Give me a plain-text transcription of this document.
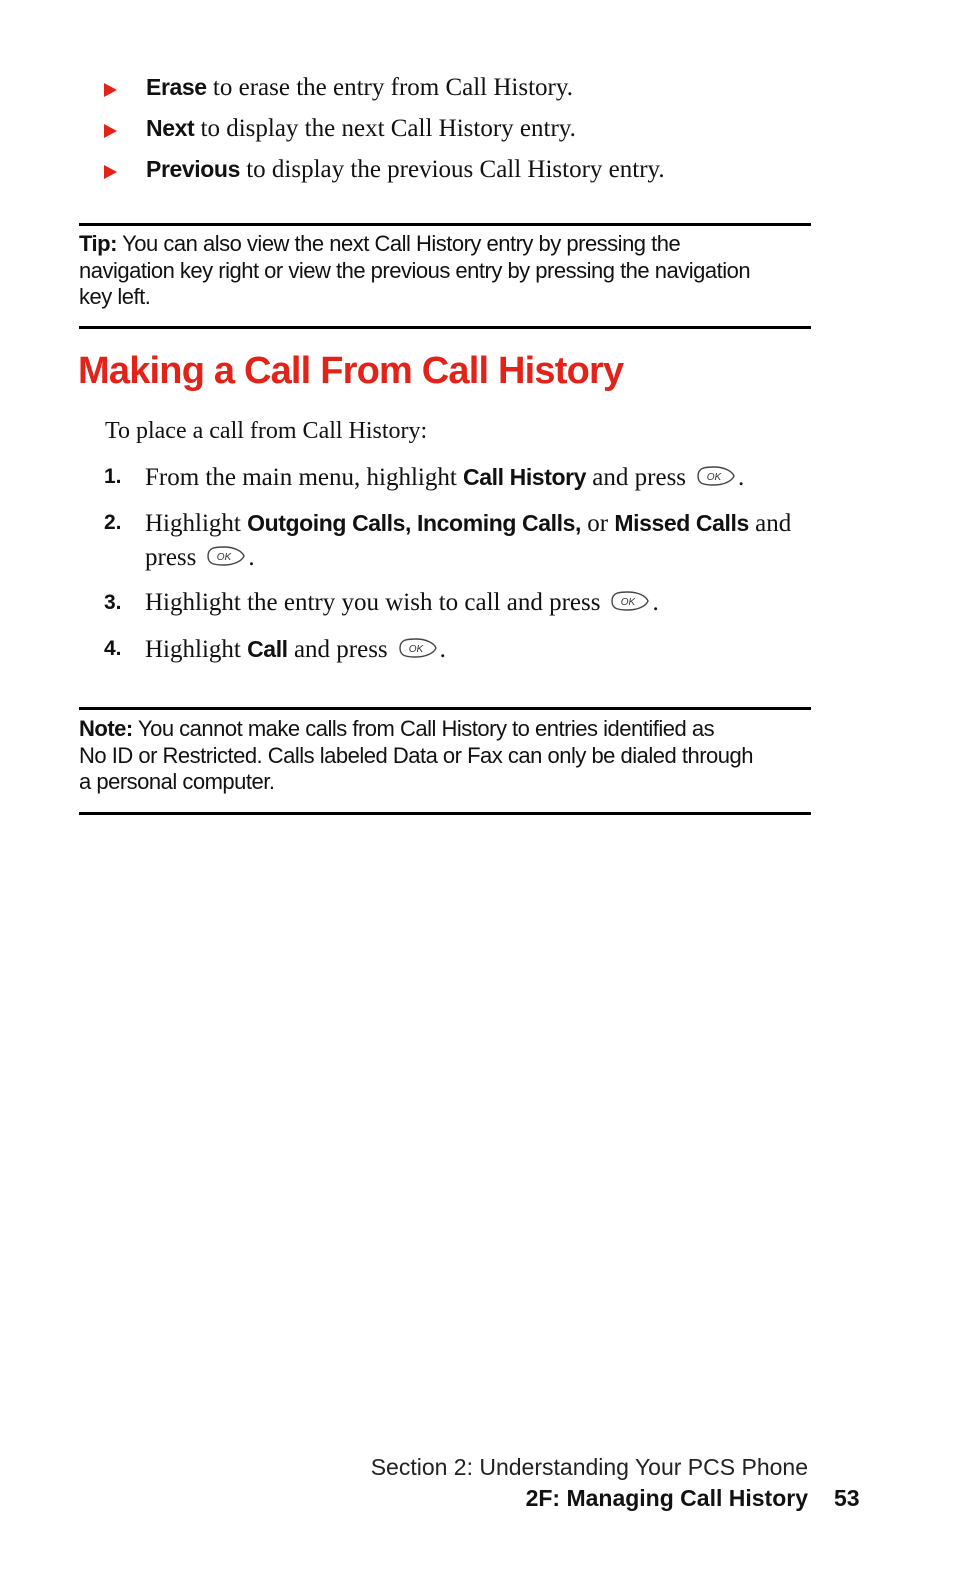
Erase to erase the entry from Call History.
Next to display the next Call History entry.
Previous to display the previous Call History entry.
Tip: You can also view the next Call History entry by pressing the
navigation key right or view the previous entry by pressing the navigation
key left.
Making a Call From Call History
To place a call from Call History:
1. From the main menu, highlight Call History and press OK .
2. Highlight Outgoing Calls, Incoming Calls, or Missed Calls and
press OK .
3. Highlight the entry you wish to call and press OK .
4. Highlight Call and press OK .
Note: You cannot make calls from Call History to entries identified as
No ID or Restricted. Calls labeled Data or Fax can only be dialed through
a personal computer.
Section 2: Understanding Your PCS Phone
2F: Managing Call History 53
